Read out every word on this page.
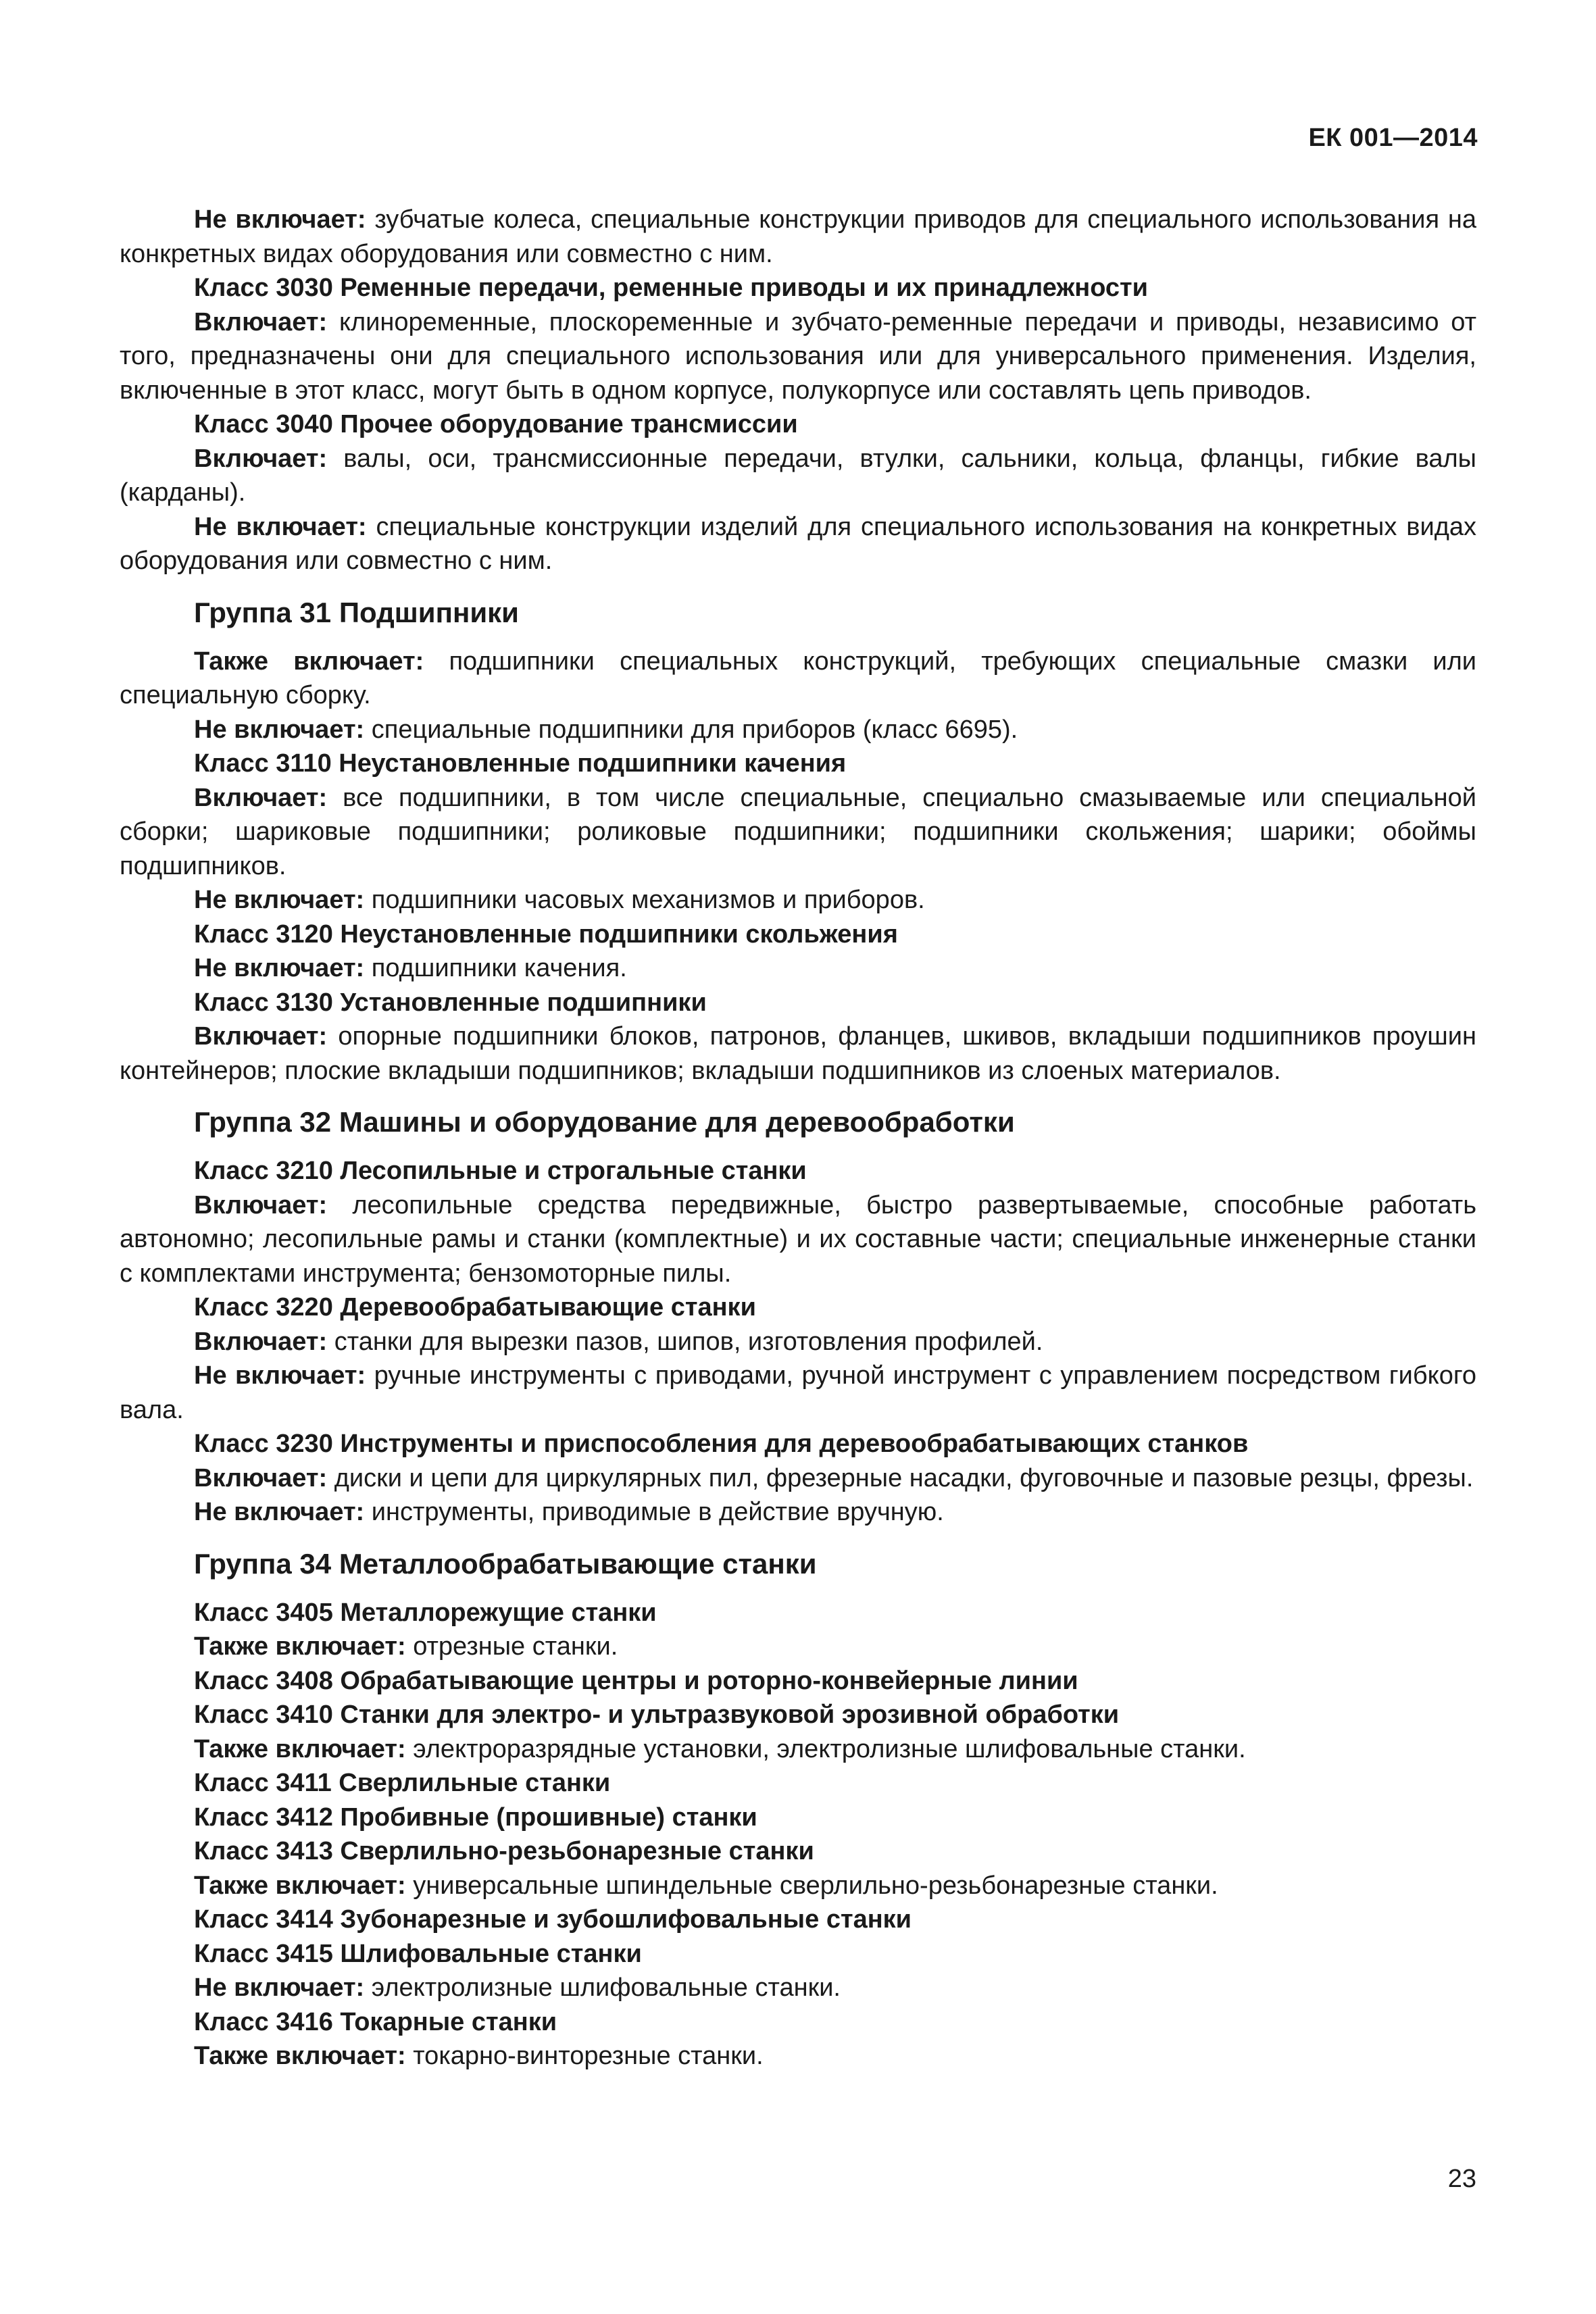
ЕК 001—2014

Не включает: зубчатые колеса, специальные конструкции приводов для специального использования на конкретных видах оборудования или совместно с ним.

Класс 3030 Ременные передачи, ременные приводы и их принадлежности

Включает: клиноременные, плоскоременные и зубчато-ременные передачи и приводы, независимо от того, предназначены они для специального использования или для универсального применения. Изделия, включенные в этот класс, могут быть в одном корпусе, полукорпусе или составлять цепь приводов.

Класс 3040 Прочее оборудование трансмиссии

Включает: валы, оси, трансмиссионные передачи, втулки, сальники, кольца, фланцы, гибкие валы (карданы).

Не включает: специальные конструкции изделий для специального использования на конкретных видах оборудования или совместно с ним.

Группа 31 Подшипники

Также включает: подшипники специальных конструкций, требующих специальные смазки или специальную сборку.

Не включает: специальные подшипники для приборов (класс 6695).

Класс 3110 Неустановленные подшипники качения

Включает: все подшипники, в том числе специальные, специально смазываемые или специальной сборки; шариковые подшипники; роликовые подшипники; подшипники скольжения; шарики; обоймы подшипников.

Не включает: подшипники часовых механизмов и приборов.

Класс 3120 Неустановленные подшипники скольжения

Не включает: подшипники качения.

Класс 3130 Установленные подшипники

Включает: опорные подшипники блоков, патронов, фланцев, шкивов, вкладыши подшипников проушин контейнеров; плоские вкладыши подшипников; вкладыши подшипников из слоеных материалов.

Группа 32 Машины и оборудование для деревообработки

Класс 3210 Лесопильные и строгальные станки

Включает: лесопильные средства передвижные, быстро развертываемые, способные работать автономно; лесопильные рамы и станки (комплектные) и их составные части; специальные инженерные станки с комплектами инструмента; бензомоторные пилы.

Класс 3220 Деревообрабатывающие станки

Включает: станки для вырезки пазов, шипов, изготовления профилей.

Не включает: ручные инструменты с приводами, ручной инструмент с управлением посредством гибкого вала.

Класс 3230 Инструменты и приспособления для деревообрабатывающих станков

Включает: диски и цепи для циркулярных пил, фрезерные насадки, фуговочные и пазовые резцы, фрезы.

Не включает: инструменты, приводимые в действие вручную.

Группа 34 Металлообрабатывающие станки

Класс 3405 Металлорежущие станки

Также включает: отрезные станки.

Класс 3408 Обрабатывающие центры и роторно-конвейерные линии

Класс 3410 Станки для электро- и ультразвуковой эрозивной обработки

Также включает: электроразрядные установки, электролизные шлифовальные станки.

Класс 3411 Сверлильные станки

Класс 3412 Пробивные (прошивные) станки

Класс 3413 Сверлильно-резьбонарезные станки

Также включает: универсальные шпиндельные сверлильно-резьбонарезные станки.

Класс 3414 Зубонарезные и зубошлифовальные станки

Класс 3415 Шлифовальные станки

Не включает: электролизные шлифовальные станки.

Класс 3416 Токарные станки

Также включает: токарно-винторезные станки.

23
